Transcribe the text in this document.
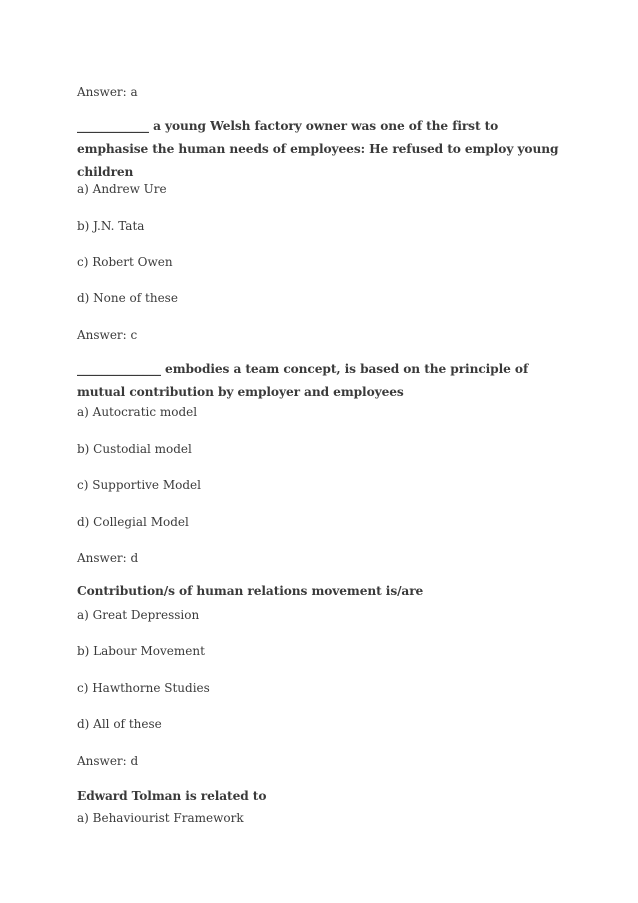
Answer: a
____________ a young Welsh factory owner was one of the first to emphasise the human needs of employees: He refused to employ young children
a) Andrew Ure
b) J.N. Tata
c) Robert Owen
d) None of these
Answer: c
______________ embodies a team concept, is based on the principle of mutual contribution by employer and employees
a) Autocratic model
b) Custodial model
c) Supportive Model
d) Collegial Model
Answer: d
Contribution/s of human relations movement is/are
a) Great Depression
b) Labour Movement
c) Hawthorne Studies
d) All of these
Answer: d
Edward Tolman is related to
a) Behaviourist Framework
